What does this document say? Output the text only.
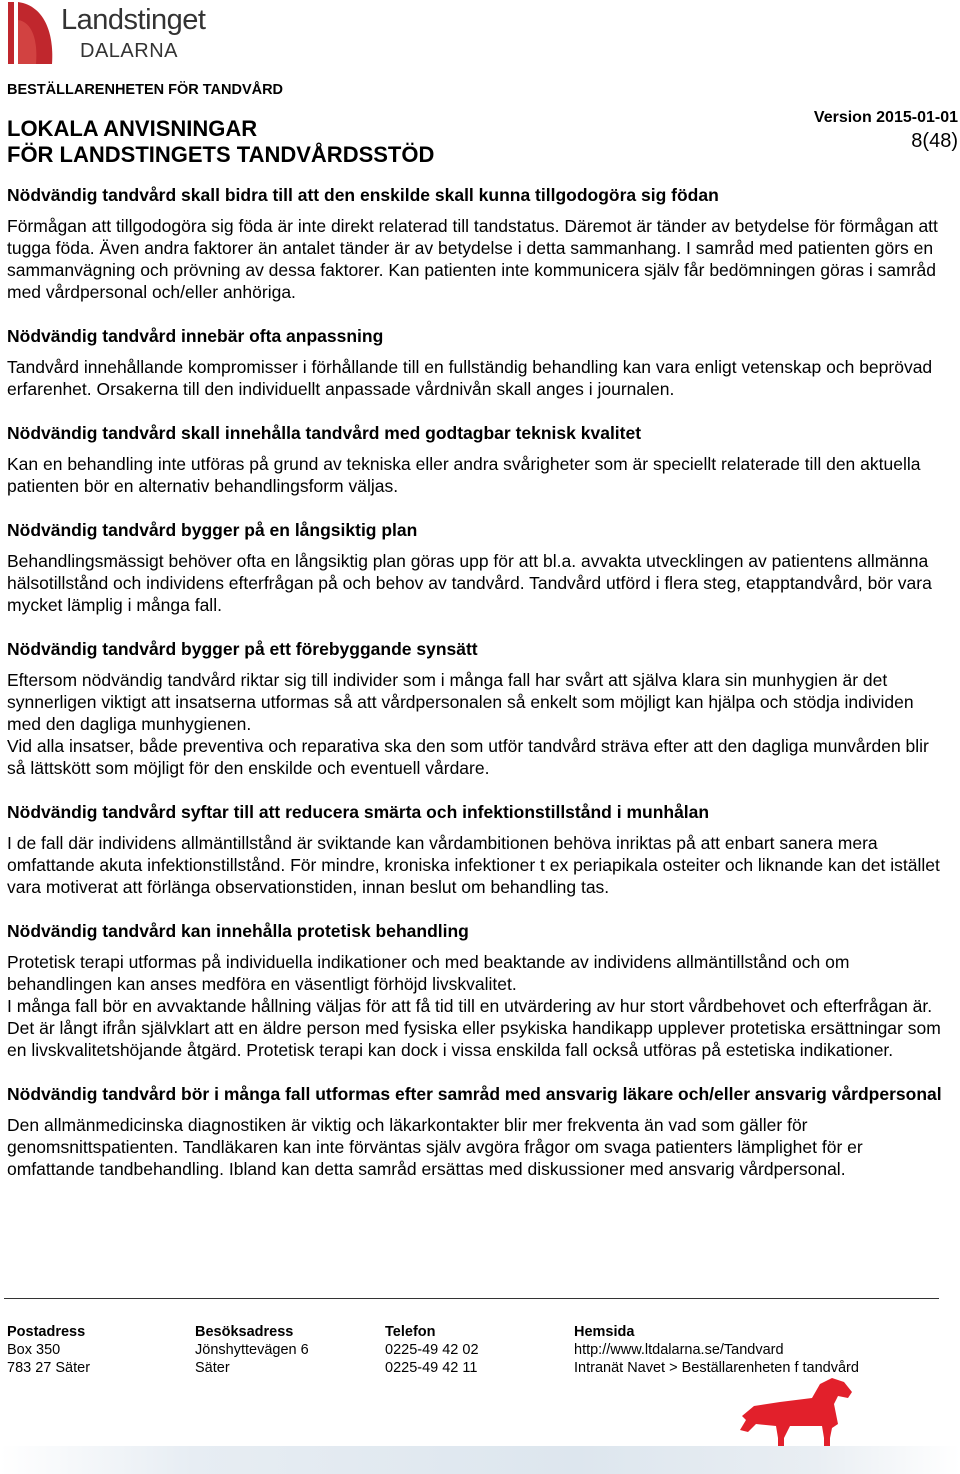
Landstinget
DALARNA
BESTÄLLARENHETEN FÖR TANDVÅRD
LOKALA ANVISNINGAR
FÖR LANDSTINGETS TANDVÅRDSSTÖD
Version 2015-01-01
8(48)
Nödvändig tandvård skall bidra till att den enskilde skall kunna tillgodogöra sig födan

Förmågan att tillgodogöra sig föda är inte direkt relaterad till tandstatus. Däremot är tänder av betydelse för förmågan att tugga föda. Även andra faktorer än antalet tänder är av betydelse i detta sammanhang. I samråd med patienten görs en sammanvägning och prövning av dessa faktorer. Kan patienten inte kommunicera själv får bedömningen göras i samråd med vårdpersonal och/eller anhöriga.

Nödvändig tandvård innebär ofta anpassning

Tandvård innehållande kompromisser i förhållande till en fullständig behandling kan vara enligt vetenskap och beprövad erfarenhet. Orsakerna till den individuellt anpassade vårdnivån skall anges i journalen.

Nödvändig tandvård skall innehålla tandvård med godtagbar teknisk kvalitet

Kan en behandling inte utföras på grund av tekniska eller andra svårigheter som är speciellt relaterade till den aktuella patienten bör en alternativ behandlingsform väljas.

Nödvändig tandvård bygger på en långsiktig plan

Behandlingsmässigt behöver ofta en långsiktig plan göras upp för att bl.a. avvakta utvecklingen av patientens allmänna hälsotillstånd och individens efterfrågan på och behov av tandvård. Tandvård utförd i flera steg, etapptandvård, bör vara mycket lämplig i många fall.

Nödvändig tandvård bygger på ett förebyggande synsätt

Eftersom nödvändig tandvård riktar sig till individer som i många fall har svårt att själva klara sin munhygien är det synnerligen viktigt att insatserna utformas så att vårdpersonalen så enkelt som möjligt kan hjälpa och stödja individen med den dagliga munhygienen.

Vid alla insatser, både preventiva och reparativa ska den som utför tandvård sträva efter att den dagliga munvården blir så lättskött som möjligt för den enskilde och eventuell vårdare.

Nödvändig tandvård syftar till att reducera smärta och infektionstillstånd i munhålan

I de fall där individens allmäntillstånd är sviktande kan vårdambitionen behöva inriktas på att enbart sanera mera omfattande akuta infektionstillstånd. För mindre, kroniska infektioner t ex periapikala osteiter och liknande kan det istället vara motiverat att förlänga observationstiden, innan beslut om behandling tas.

Nödvändig tandvård kan innehålla protetisk behandling

Protetisk terapi utformas på individuella indikationer och med beaktande av individens allmäntillstånd och om behandlingen kan anses medföra en väsentligt förhöjd livskvalitet.

I många fall bör en avvaktande hållning väljas för att få tid till en utvärdering av hur stort vårdbehovet och efterfrågan är.

Det är långt ifrån självklart att en äldre person med fysiska eller psykiska handikapp upplever protetiska ersättningar som en livskvalitetshöjande åtgärd. Protetisk terapi kan dock i vissa enskilda fall också utföras på estetiska indikationer.

Nödvändig tandvård bör i många fall utformas efter samråd med ansvarig läkare och/eller ansvarig vårdpersonal

Den allmänmedicinska diagnostiken är viktig och läkarkontakter blir mer frekventa än vad som gäller för genomsnittspatienten. Tandläkaren kan inte förväntas själv avgöra frågor om svaga patienters lämplighet för er omfattande tandbehandling. Ibland kan detta samråd ersättas med diskussioner med ansvarig vårdpersonal.

Postadress
Box 350
783 27 Säter
Besöksadress
Jönshyttevägen 6
Säter
Telefon
0225-49 42 02
0225-49 42 11
Hemsida
http://www.ltdalarna.se/Tandvard
Intranät Navet > Beställarenheten f tandvård
